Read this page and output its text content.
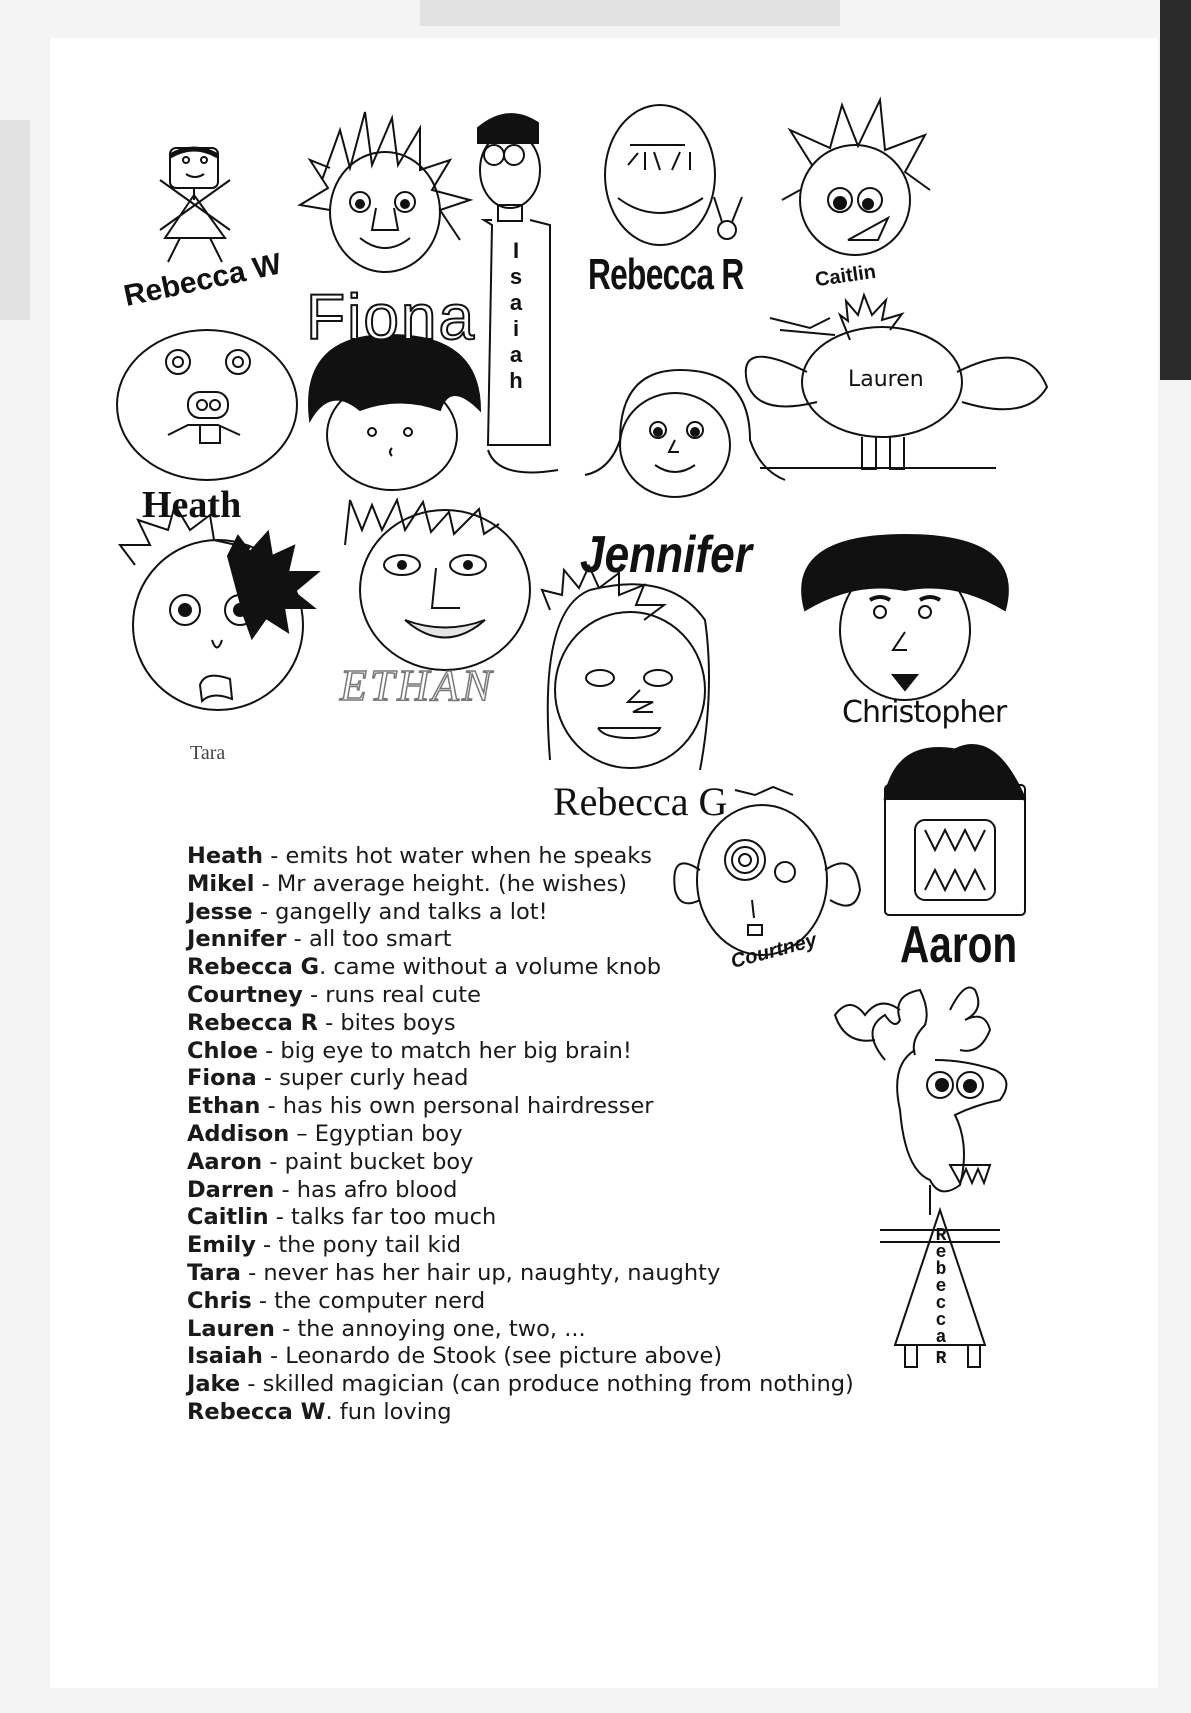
Rebecca W
Fiona
I
s
a
i
a
h
Rebecca R	Caitlin
Lauren
Heath
ETHAN
Jennifer
Christopher
Tara
Rebecca G
Courtney Aaron
R
e
b
e
c
c
a
R
Heath - emits hot water when he speaks
Mikel - Mr average height. (he wishes)
Jesse - gangelly and talks a lot!
Jennifer - all too smart
Rebecca G. came without a volume knob
Courtney - runs real cute
Rebecca R - bites boys
Chloe - big eye to match her big brain!
Fiona - super curly head
Ethan - has his own personal hairdresser
Addison – Egyptian boy
Aaron - paint bucket boy
Darren - has afro blood
Caitlin - talks far too much
Emily - the pony tail kid
Tara - never has her hair up, naughty, naughty
Chris - the computer nerd
Lauren - the annoying one, two, ...
Isaiah - Leonardo de Stook (see picture above)
Jake - skilled magician (can produce nothing from nothing)
Rebecca W. fun loving
